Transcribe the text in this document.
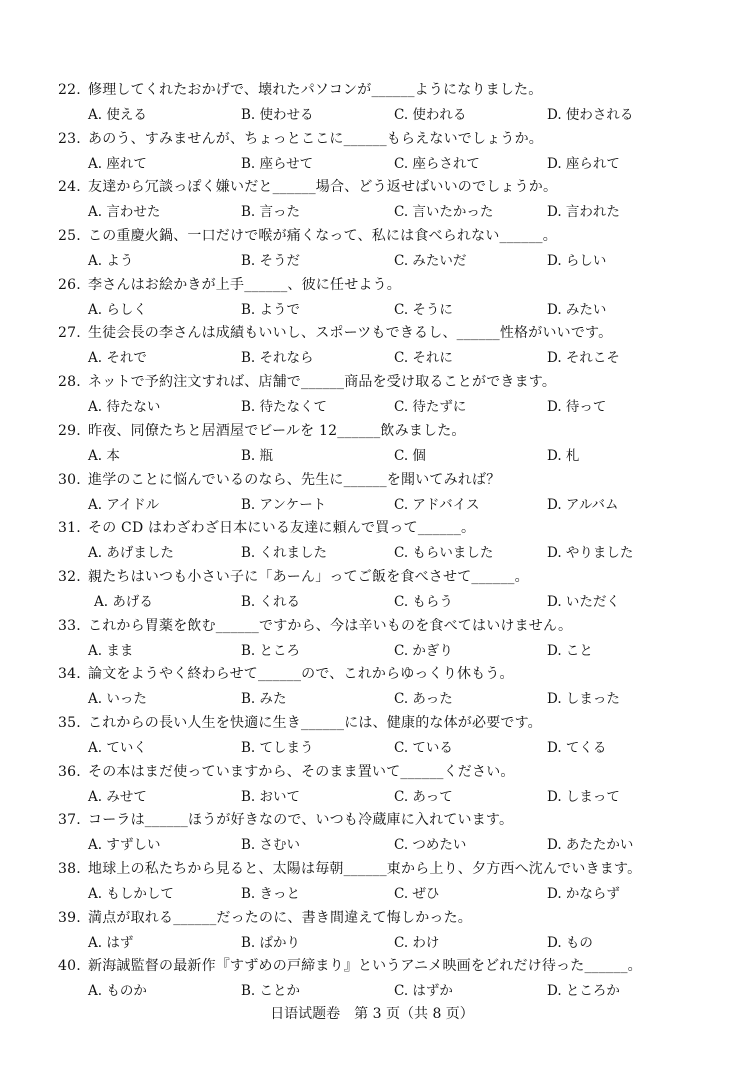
22. 修理してくれたおかげで、壊れたパソコンが______ようになりました。
A. 使える	B. 使わせる	C. 使われる	D. 使わされる
23. あのう、すみませんが、ちょっとここに______もらえないでしょうか。
A. 座れて	B. 座らせて	C. 座らされて	D. 座られて
24. 友達から冗談っぽく嫌いだと______場合、どう返せばいいのでしょうか。
A. 言わせた	B. 言った	C. 言いたかった	D. 言われた
25. この重慶火鍋、一口だけで喉が痛くなって、私には食べられない______。
A. よう	B. そうだ	C. みたいだ	D. らしい
26. 李さんはお絵かきが上手______、彼に任せよう。
A. らしく	B. ようで	C. そうに	D. みたい
27. 生徒会長の李さんは成績もいいし、スポーツもできるし、______性格がいいです。
A. それで	B. それなら	C. それに	D. それこそ
28. ネットで予約注文すれば、店舗で______商品を受け取ることができます。
A. 待たない	B. 待たなくて	C. 待たずに	D. 待って
29. 昨夜、同僚たちと居酒屋でビールを 12______飲みました。
A. 本	B. 瓶	C. 個	D. 札
30. 進学のことに悩んでいるのなら、先生に______を聞いてみれば？
A. アイドル	B. アンケート	C. アドバイス	D. アルバム
31. その CD はわざわざ日本にいる友達に頼んで買って______。
A. あげました	B. くれました	C. もらいました	D. やりました
32. 親たちはいつも小さい子に「あーん」ってご飯を食べさせて______。
A. あげる	B. くれる	C. もらう	D. いただく
33. これから胃薬を飲む______ですから、今は辛いものを食べてはいけません。
A. まま	B. ところ	C. かぎり	D. こと
34. 論文をようやく終わらせて______ので、これからゆっくり休もう。
A. いった	B. みた	C. あった	D. しまった
35. これからの長い人生を快適に生き______には、健康的な体が必要です。
A. ていく	B. てしまう	C. ている	D. てくる
36. その本はまだ使っていますから、そのまま置いて______ください。
A. みせて	B. おいて	C. あって	D. しまって
37. コーラは______ほうが好きなので、いつも冷蔵庫に入れています。
A. すずしい	B. さむい	C. つめたい	D. あたたかい
38. 地球上の私たちから見ると、太陽は毎朝______東から上り、夕方西へ沈んでいきます。
A. もしかして	B. きっと	C. ぜひ	D. かならず
39. 満点が取れる______だったのに、書き間違えて悔しかった。
A. はず	B. ばかり	C. わけ	D. もの
40. 新海誠監督の最新作『すずめの戸締まり』というアニメ映画をどれだけ待った______。
A. ものか	B. ことか	C. はずか	D. ところか
日语试题卷　第 3 页（共 8 页）
